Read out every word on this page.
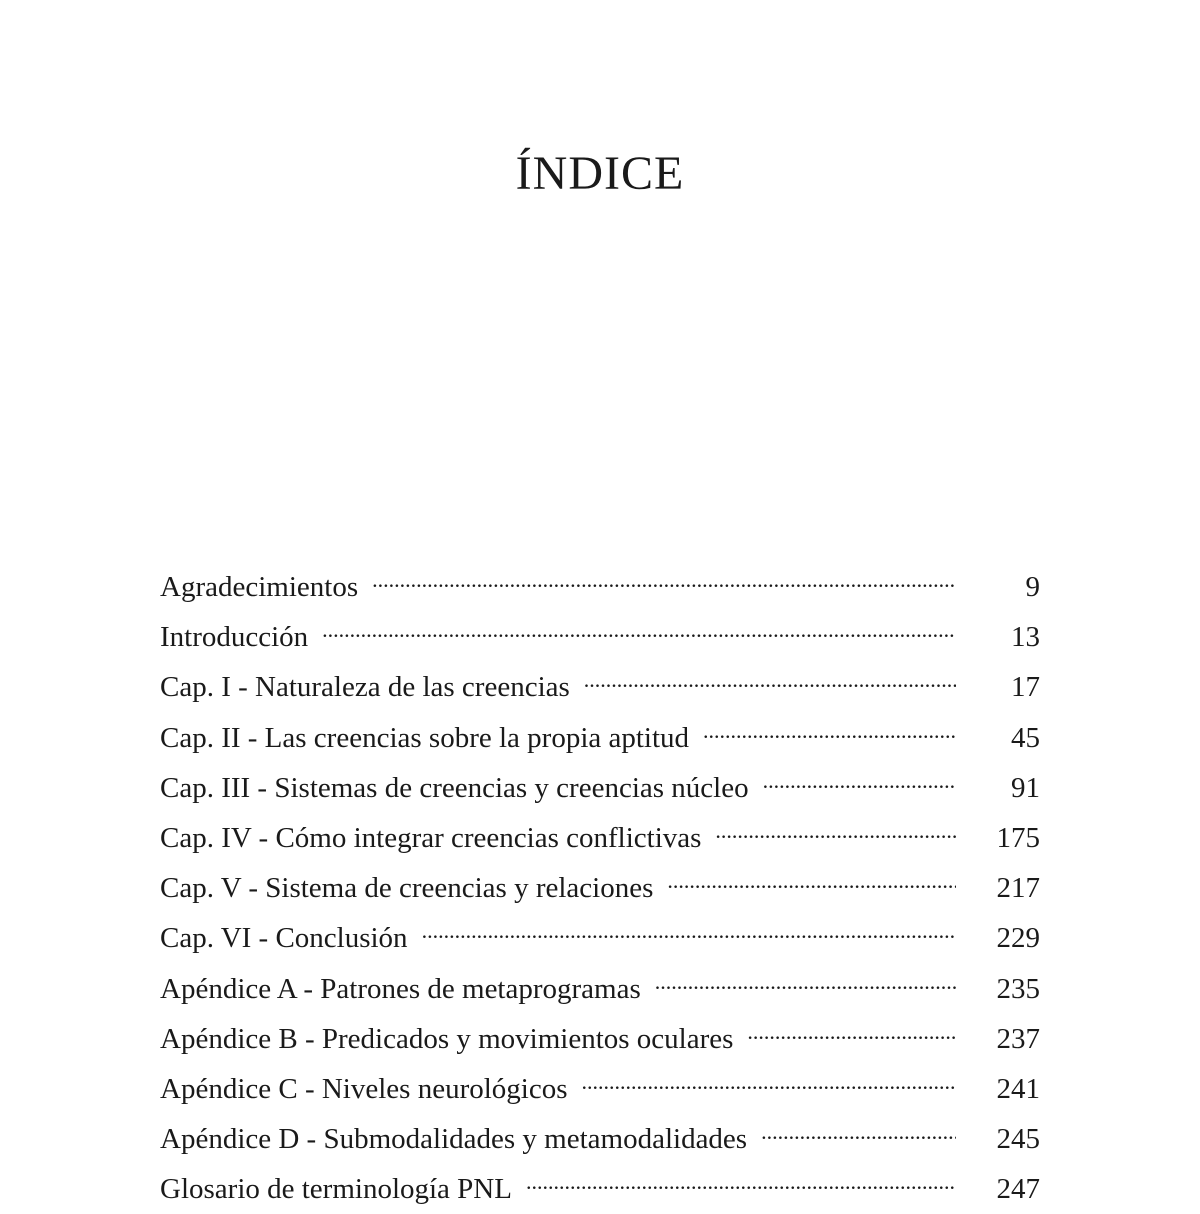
ÍNDICE
Agradecimientos .....	9
Introducción .....	13
Cap. I - Naturaleza de las creencias .....	17
Cap. II - Las creencias sobre la propia aptitud .....	45
Cap. III - Sistemas de creencias y creencias núcleo .....	91
Cap. IV - Cómo integrar creencias conflictivas .....	175
Cap. V - Sistema de creencias y relaciones .....	217
Cap. VI - Conclusión .....	229
Apéndice A - Patrones de metaprogramas .....	235
Apéndice B - Predicados y movimientos oculares .....	237
Apéndice C - Niveles neurológicos .....	241
Apéndice D - Submodalidades y metamodalidades .....	245
Glosario de terminología PNL .....	247
